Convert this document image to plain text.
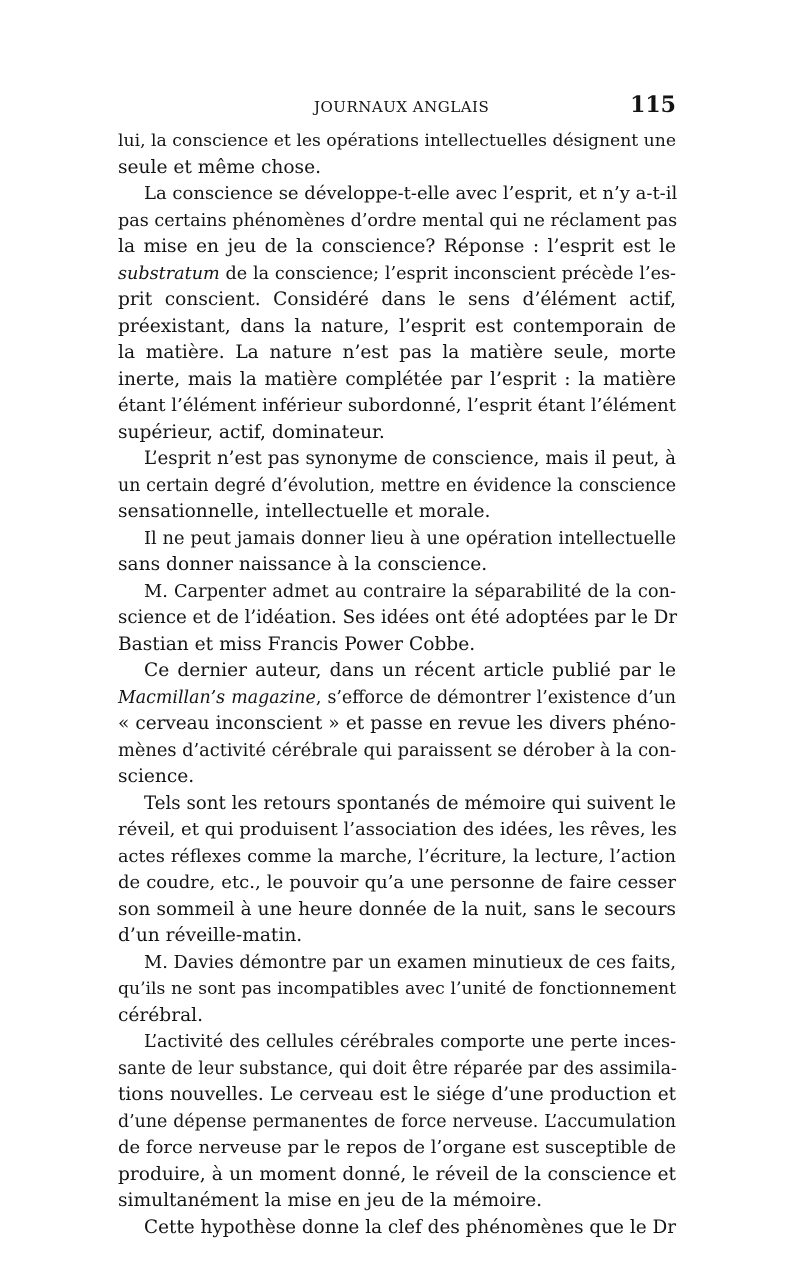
JOURNAUX ANGLAIS	115
lui, la conscience et les opérations intellectuelles désignent une
seule et même chose.
La conscience se développe-t-elle avec l’esprit, et n’y a-t-il
pas certains phénomènes d’ordre mental qui ne réclament pas
la mise en jeu de la conscience? Réponse : l’esprit est le
substratum de la conscience; l’esprit inconscient précède l’es-
prit conscient. Considéré dans le sens d’élément actif,
préexistant, dans la nature, l’esprit est contemporain de
la matière. La nature n’est pas la matière seule, morte
inerte, mais la matière complétée par l’esprit : la matière
étant l’élément inférieur subordonné, l’esprit étant l’élément
supérieur, actif, dominateur.
L’esprit n’est pas synonyme de conscience, mais il peut, à
un certain degré d’évolution, mettre en évidence la conscience
sensationnelle, intellectuelle et morale.
Il ne peut jamais donner lieu à une opération intellectuelle
sans donner naissance à la conscience.
M. Carpenter admet au contraire la séparabilité de la con-
science et de l’idéation. Ses idées ont été adoptées par le Dr
Bastian et miss Francis Power Cobbe.
Ce dernier auteur, dans un récent article publié par le
Macmillan’s magazine, s’efforce de démontrer l’existence d’un
« cerveau inconscient » et passe en revue les divers phéno-
mènes d’activité cérébrale qui paraissent se dérober à la con-
science.
Tels sont les retours spontanés de mémoire qui suivent le
réveil, et qui produisent l’association des idées, les rêves, les
actes réflexes comme la marche, l’écriture, la lecture, l’action
de coudre, etc., le pouvoir qu’a une personne de faire cesser
son sommeil à une heure donnée de la nuit, sans le secours
d’un réveille-matin.
M. Davies démontre par un examen minutieux de ces faits,
qu’ils ne sont pas incompatibles avec l’unité de fonctionnement
cérébral.
L’activité des cellules cérébrales comporte une perte inces-
sante de leur substance, qui doit être réparée par des assimila-
tions nouvelles. Le cerveau est le siége d’une production et
d’une dépense permanentes de force nerveuse. L’accumulation
de force nerveuse par le repos de l’organe est susceptible de
produire, à un moment donné, le réveil de la conscience et
simultanément la mise en jeu de la mémoire.
Cette hypothèse donne la clef des phénomènes que le Dr
